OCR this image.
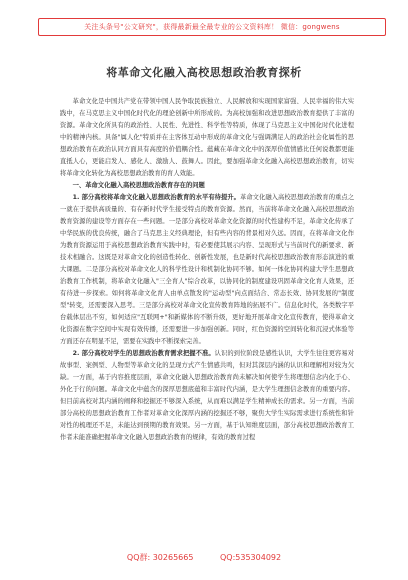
关注头条号"公文研究"，获得最新最全最专业的公文资料库！ 微信：gongwens
将革命文化融入高校思想政治教育探析

革命文化是中国共产党在带领中国人民争取民族独立、人民解放和实现国家富强、人民幸福的伟大实践中，在马克思主义中国化时代化的理论创新中所形成的。为高校加强和改进思想政治教育提供了丰富的资源。革命文化所具有的政治性、人民性、先进性、科学性等特质，体现了马克思主义中国化时代化进程中的精神内核。具备"属人化"特质并在主客体互动中形成的革命文化与强调满足人的政治社会化属性的思想政治教育在政治认同方面具有高度的价值耦合性。蕴藏在革命文化中的深厚价值情感比任何说教都更能直抵人心，更能启发人、感化人、激励人、鼓舞人。因此，要加强革命文化融入高校思想政治教育，切实将革命文化转化为高校思想政治教育的育人效能。

一、革命文化融入高校思想政治教育存在的问题

1. 部分高校将革命文化融入思想政治教育的水平有待提升。革命文化融入高校思想政治教育的重点之一就在于提供高质量的、有存新时代学生接受特点的教育资源。然而，当前将革命文化融入高校思想政治教育资源的建设等方面存在一些问题。一是部分高校对革命文化资源的时代性建构不足，革命文化传承了中华民族的优良传统，融合了马克思主义经典理论，但有些内容的背景相对久远。因而，在将革命文化作为教育资源运用于高校思想政治教育实践中时，有必要使其展示内容、呈现形式与当前时代的新要求、新技术相融合。这既是对革命文化的创造性转化、创新性发展，也是新时代高校思想政治教育形态演进的重大课题。二是部分高校对革命文化人的科学性设计和机制化协同不够。如何一体化协同构建大学生思想政治教育工作机制，将革命文化融入"三全育人"综合改革，以协同化的制度建设巩固革命文化育人效果，还有待进一步探索。如何将革命文化育人由单点散发的"运动型"向点面结合、常态长效、协同发展的"制度型"转变，还需要深入思考。三是部分高校对革命文化宣传教育阵地的拓展不广。信息化时代，各类数字平台载体层出不穷，如何适应"互联网+"和新媒体的不断升级，更好地开展革命文化宣传教育，使得革命文化资源在数字空间中实现有效传播，还需要进一步加强创新。同时，红色资源的空间转化和沉浸式体验等方面还存在明显不足，需要在实践中不断探索完善。

2. 部分高校对学生的思想政治教育需求把握不准。认识的到位阶段是感性认识，大学生往往更容易对故事型、案例型、人物型等革命文化的呈现方式产生情感共鸣，但对其深层内涵的认识和理解相对较为欠缺。一方面，基于内容推度层面，革命文化融入思想政治教育尚未解决如何使学生将理想信念内化于心、外化于行的问题。革命文化中蕴含的深厚思想底蕴和丰富时代内涵，是大学生理想信念教育的重要内容。但目前高校对其内涵的阐释和挖掘还不够深入系统，从而难以满足学生精神成长的需求。另一方面，当前部分高校的思想政治教育工作者对革命文化深厚内涵的挖掘还不够，聚焦大学生实际需求进行系统性和针对性的梳理还不足，未能达到预期的教育效果。另一方面，基于认知维度层面，部分高校思想政治教育工作者未能准确把握革命文化融入思想政治教育的规律，有效的教育过程

QQ群: 30265665	QQ:535304092
